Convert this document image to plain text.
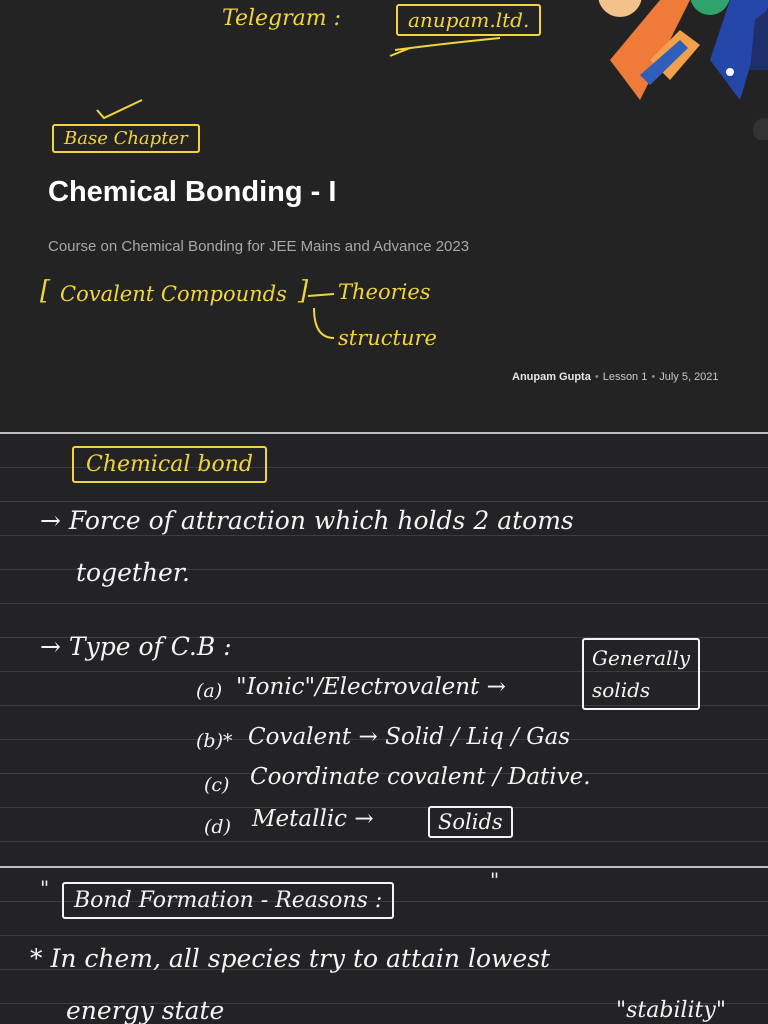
Telegram :	anupam.ltd.
Base Chapter
Chemical Bonding - I
Course on Chemical Bonding for JEE Mains and Advance 2023
[ Covalent Compounds ] Theories
structure
Anupam Gupta • Lesson 1 • July 5, 2021
Chemical bond
→ Force of attraction which holds 2 atoms
together.
→ Type of C.B :
(a) "Ionic"/Electrovalent →
Generally
solids
(b)* Covalent → Solid / Liq / Gas
(c) Coordinate covalent / Dative.
(d) Metallic →	Solids
"	Bond Formation - Reasons :
"
* In chem, all species try to attain lowest
energy state	"stability"
